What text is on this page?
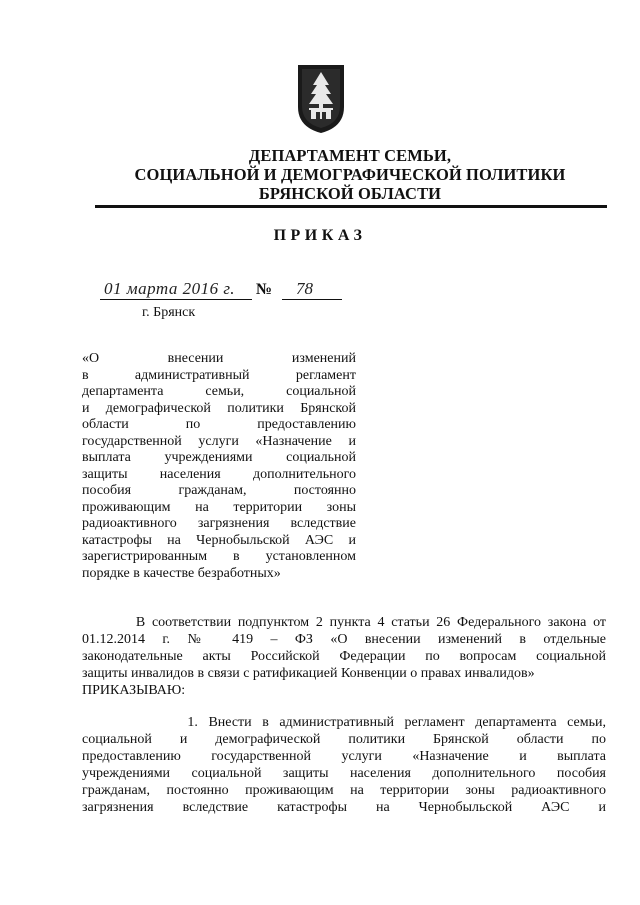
ДЕПАРТАМЕНТ СЕМЬИ,
СОЦИАЛЬНОЙ И ДЕМОГРАФИЧЕСКОЙ ПОЛИТИКИ
БРЯНСКОЙ ОБЛАСТИ
ПРИКАЗ
01 марта 2016 г. № 78
г. Брянск
«О внесении изменений
в административный регламент
департамента семьи, социальной
и демографической политики Брянской
области по предоставлению
государственной услуги «Назначение и
выплата учреждениями социальной
защиты населения дополнительного
пособия гражданам, постоянно
проживающим на территории зоны
радиоактивного загрязнения вследствие
катастрофы на Чернобыльской АЭС и
зарегистрированным в установленном
порядке в качестве безработных»
В соответствии подпунктом 2 пункта 4 статьи 26 Федерального закона от
01.12.2014 г. № 419 – ФЗ «О внесении изменений в отдельные
законодательные акты Российской Федерации по вопросам социальной
защиты инвалидов в связи с ратификацией Конвенции о правах инвалидов»
ПРИКАЗЫВАЮ:
1. Внести в административный регламент департамента семьи,
социальной и демографической политики Брянской области по
предоставлению государственной услуги «Назначение и выплата
учреждениями социальной защиты населения дополнительного пособия
гражданам, постоянно проживающим на территории зоны радиоактивного
загрязнения вследствие катастрофы на Чернобыльской АЭС и
